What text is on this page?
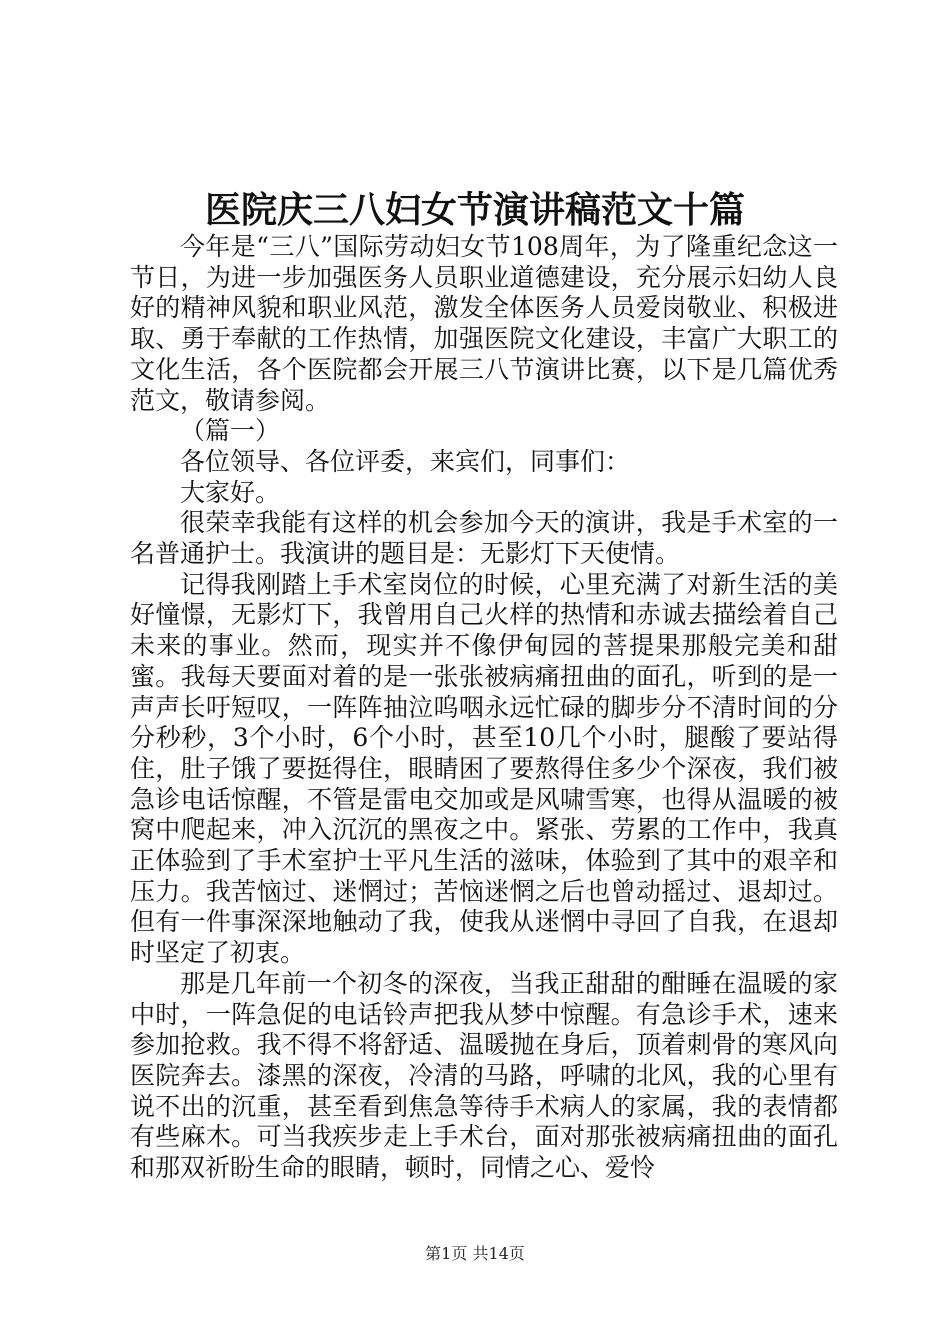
医院庆三八妇女节演讲稿范文十篇

今年是“三八”国际劳动妇女节108周年，为了隆重纪念这一节日，为进一步加强医务人员职业道德建设，充分展示妇幼人良好的精神风貌和职业风范，激发全体医务人员爱岗敬业、积极进取、勇于奉献的工作热情，加强医院文化建设，丰富广大职工的文化生活，各个医院都会开展三八节演讲比赛，以下是几篇优秀范文，敬请参阅。

（篇一）

各位领导、各位评委，来宾们，同事们：

大家好。

很荣幸我能有这样的机会参加今天的演讲，我是手术室的一名普通护士。我演讲的题目是：无影灯下天使情。

记得我刚踏上手术室岗位的时候，心里充满了对新生活的美好憧憬，无影灯下，我曾用自己火样的热情和赤诚去描绘着自己未来的事业。然而，现实并不像伊甸园的菩提果那般完美和甜蜜。我每天要面对着的是一张张被病痛扭曲的面孔，听到的是一声声长吁短叹，一阵阵抽泣呜咽永远忙碌的脚步分不清时间的分分秒秒，3个小时，6个小时，甚至10几个小时，腿酸了要站得住，肚子饿了要挺得住，眼睛困了要熬得住多少个深夜，我们被急诊电话惊醒，不管是雷电交加或是风啸雪寒，也得从温暖的被窝中爬起来，冲入沉沉的黑夜之中。紧张、劳累的工作中，我真正体验到了手术室护士平凡生活的滋味，体验到了其中的艰辛和压力。我苦恼过、迷惘过；苦恼迷惘之后也曾动摇过、退却过。但有一件事深深地触动了我，使我从迷惘中寻回了自我，在退却时坚定了初衷。

那是几年前一个初冬的深夜，当我正甜甜的酣睡在温暖的家中时，一阵急促的电话铃声把我从梦中惊醒。有急诊手术，速来参加抢救。我不得不将舒适、温暖抛在身后，顶着刺骨的寒风向医院奔去。漆黑的深夜，冷清的马路，呼啸的北风，我的心里有说不出的沉重，甚至看到焦急等待手术病人的家属，我的表情都有些麻木。可当我疾步走上手术台，面对那张被病痛扭曲的面孔和那双祈盼生命的眼睛，顿时，同情之心、爱怜

第1页 共14页
